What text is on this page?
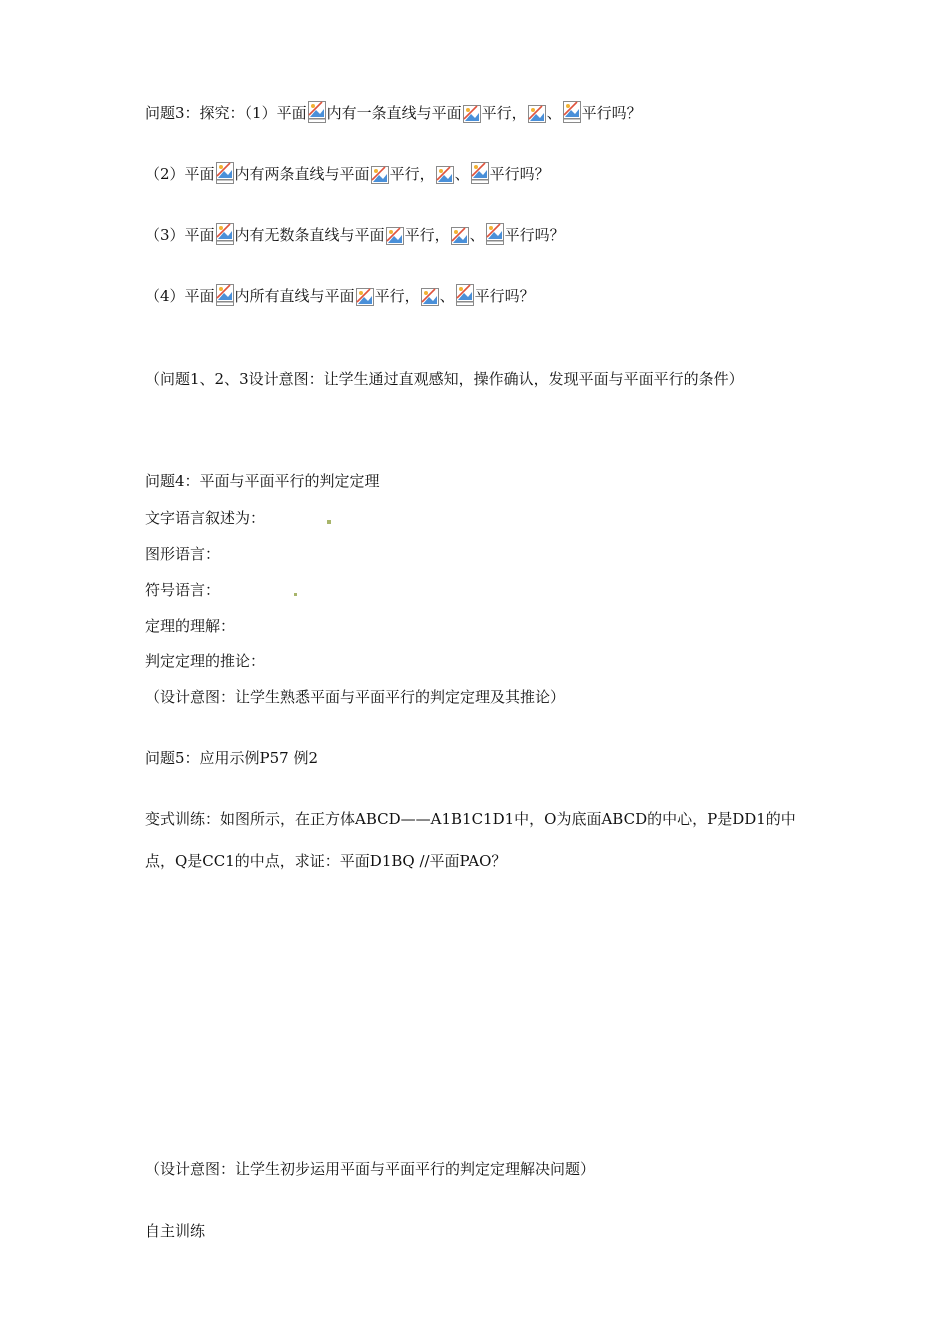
问题3：探究：（1）平面 内有一条直线与平面 平行， 、 平行吗？
（2）平面 内有两条直线与平面 平行， 、 平行吗？
（3）平面 内有无数条直线与平面 平行， 、 平行吗？
（4）平面 内所有直线与平面 平行， 、 平行吗？
（问题1、2、3设计意图：让学生通过直观感知，操作确认，发现平面与平面平行的条件）
问题4：平面与平面平行的判定定理
文字语言叙述为：
图形语言：
符号语言：
定理的理解：
判定定理的推论：
（设计意图：让学生熟悉平面与平面平行的判定定理及其推论）
问题5：应用示例P57 例2
变式训练：如图所示，在正方体ABCD——A1B1C1D1中，O为底面ABCD的中心，P是DD1的中点，Q是CC1的中点，求证：平面D1BQ //平面PAO？
（设计意图：让学生初步运用平面与平面平行的判定定理解决问题）
自主训练
